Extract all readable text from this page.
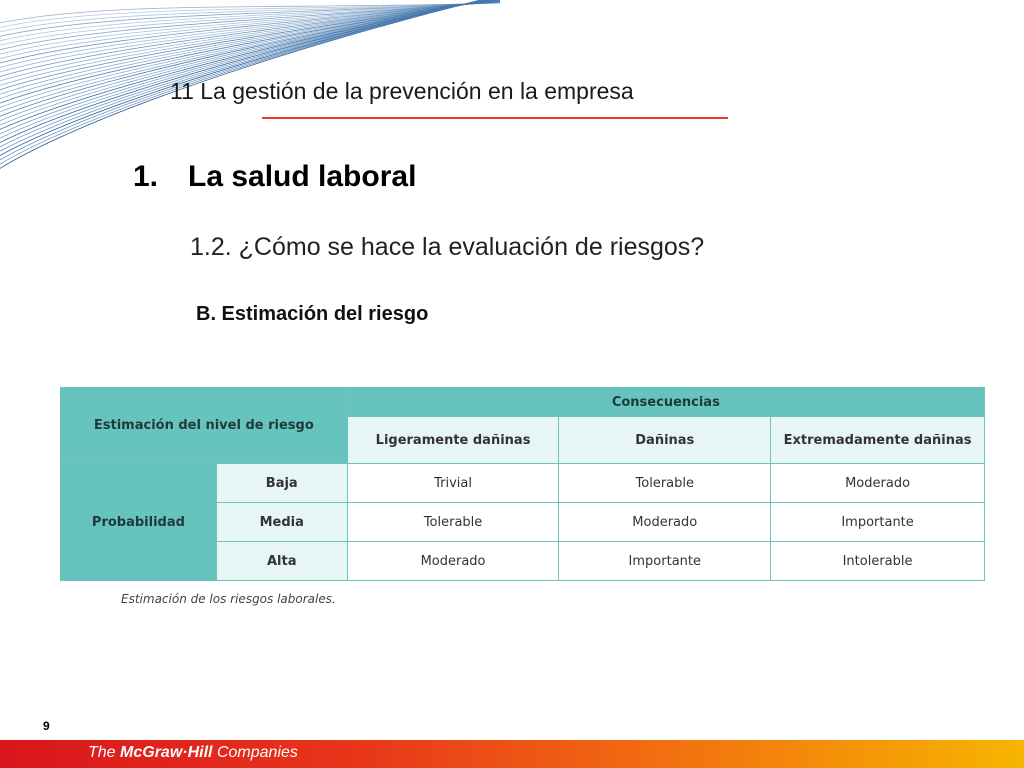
11 La gestión de la prevención en la empresa
1. La salud laboral
1.2. ¿Cómo se hace la evaluación de riesgos?
B. Estimación del riesgo
Estimación del nivel de riesgo		Consecuencias		
		Ligeramente dañinas	Dañinas	Extremadamente dañinas
Probabilidad	Baja	Trivial	Tolerable	Moderado
	Media	Tolerable	Moderado	Importante
	Alta	Moderado	Importante	Intolerable
Estimación de los riesgos laborales.
9
The McGraw·Hill Companies
